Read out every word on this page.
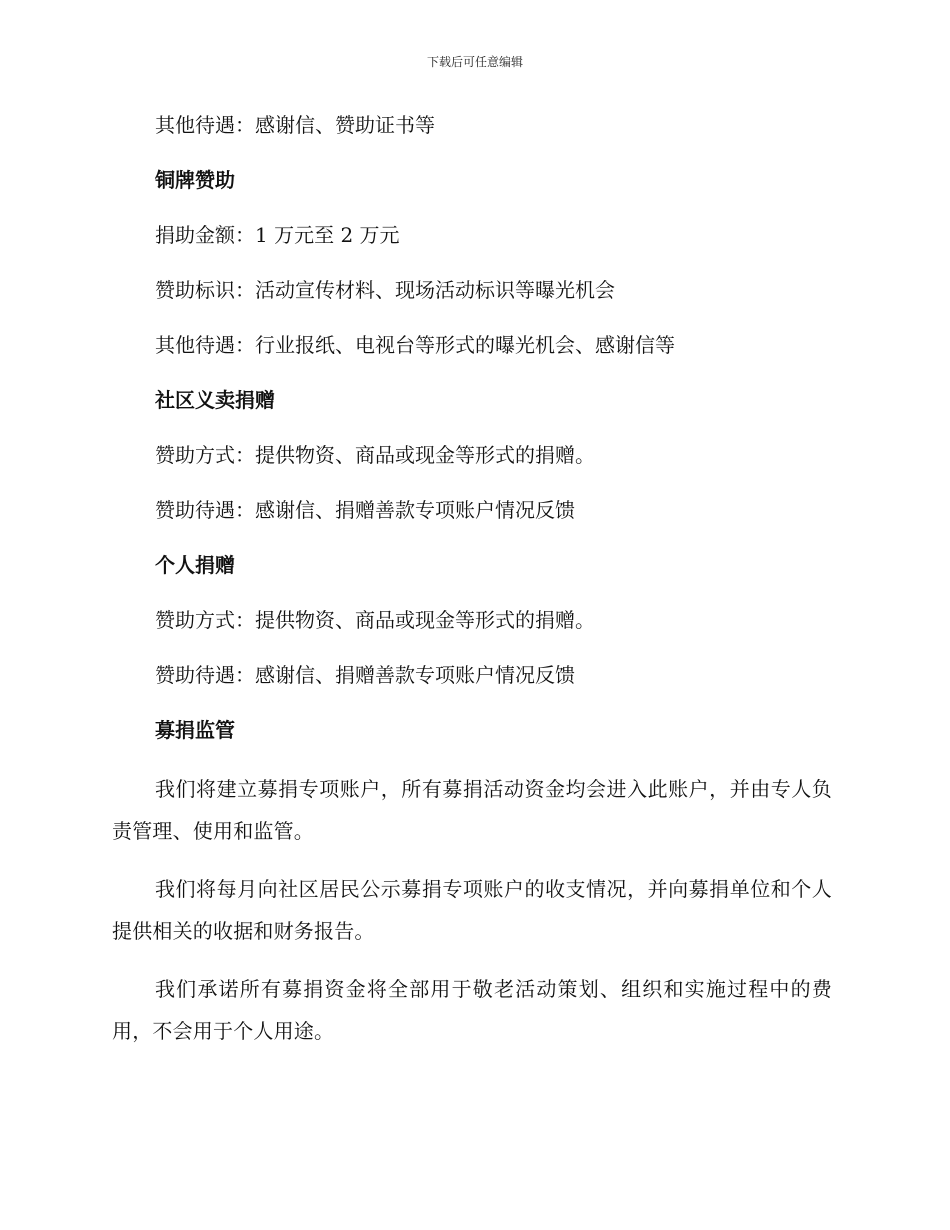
下载后可任意编辑
其他待遇：感谢信、赞助证书等
铜牌赞助
捐助金额：1 万元至 2 万元
赞助标识：活动宣传材料、现场活动标识等曝光机会
其他待遇：行业报纸、电视台等形式的曝光机会、感谢信等
社区义卖捐赠
赞助方式：提供物资、商品或现金等形式的捐赠。
赞助待遇：感谢信、捐赠善款专项账户情况反馈
个人捐赠
赞助方式：提供物资、商品或现金等形式的捐赠。
赞助待遇：感谢信、捐赠善款专项账户情况反馈
募捐监管
我们将建立募捐专项账户，所有募捐活动资金均会进入此账户，并由专人负责管理、使用和监管。
我们将每月向社区居民公示募捐专项账户的收支情况，并向募捐单位和个人提供相关的收据和财务报告。
我们承诺所有募捐资金将全部用于敬老活动策划、组织和实施过程中的费用，不会用于个人用途。
